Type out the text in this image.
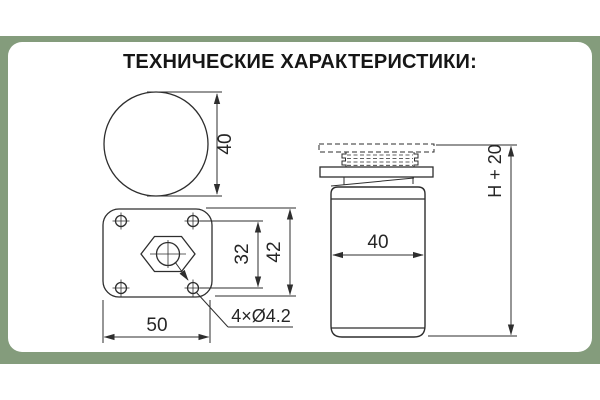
ТЕХНИЧЕСКИЕ ХАРАКТЕРИСТИКИ:
40
4×Ø4.2
32 42
50
40
H + 20
